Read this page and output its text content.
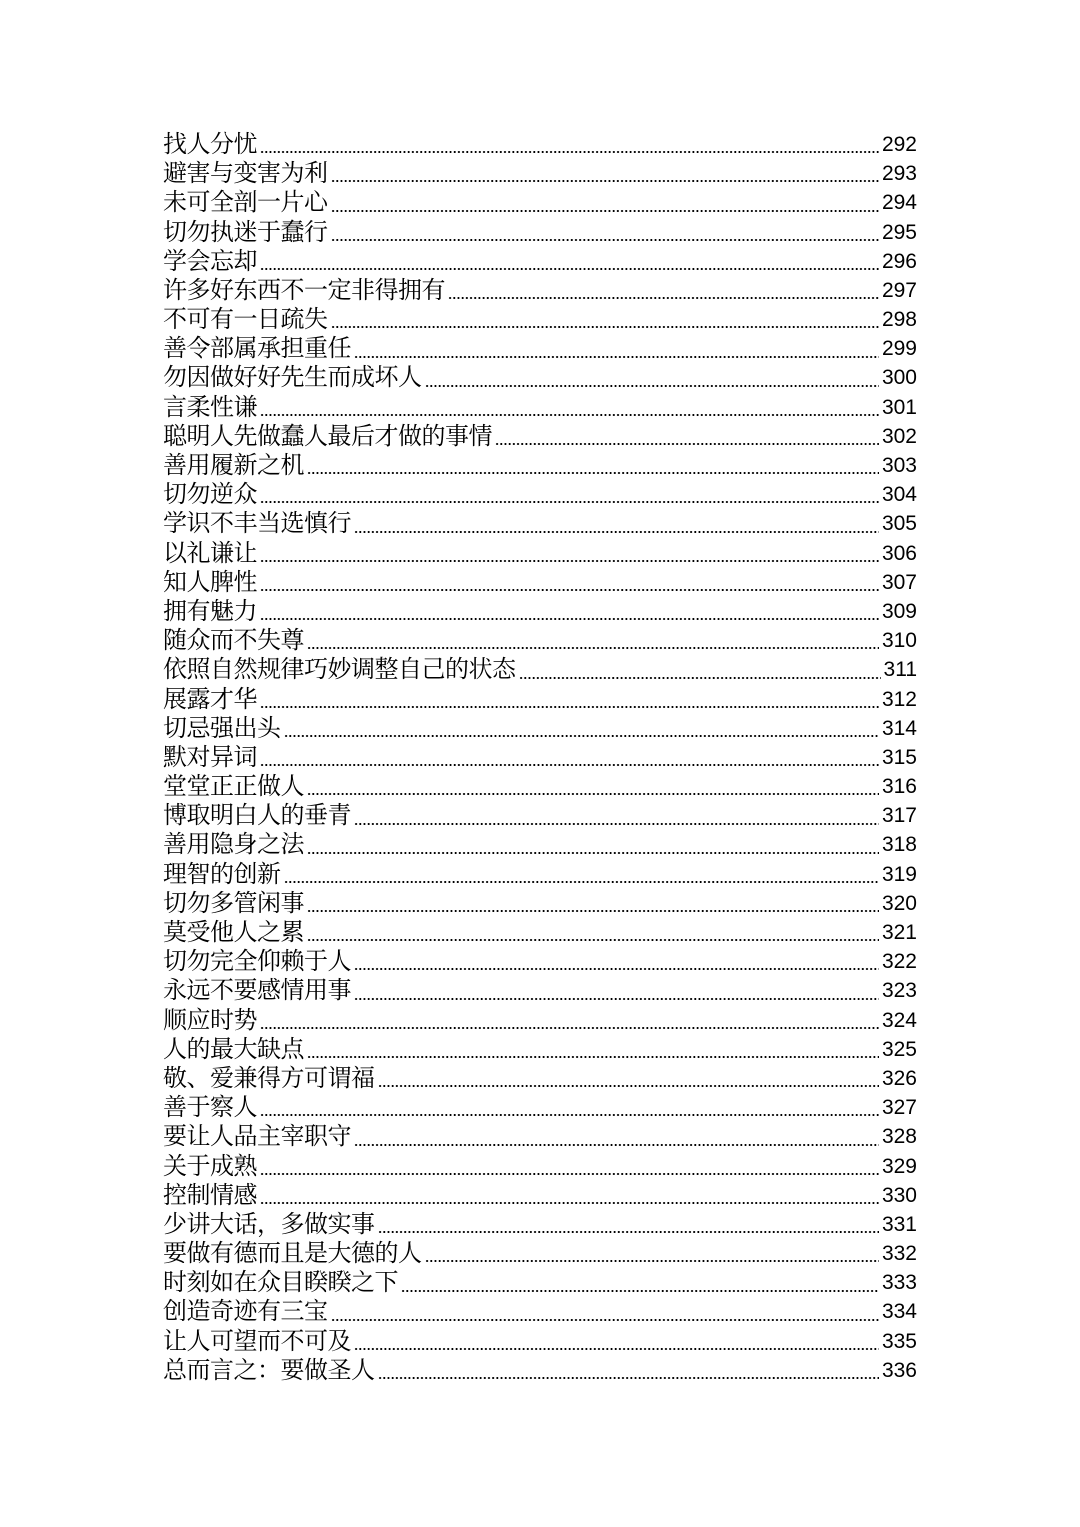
找人分忧	292
避害与变害为利	293
未可全剖一片心	294
切勿执迷于蠢行	295
学会忘却	296
许多好东西不一定非得拥有	297
不可有一日疏失	298
善令部属承担重任	299
勿因做好好先生而成坏人	300
言柔性谦	301
聪明人先做蠢人最后才做的事情	302
善用履新之机	303
切勿逆众	304
学识不丰当选慎行	305
以礼谦让	306
知人脾性	307
拥有魅力	309
随众而不失尊	310
依照自然规律巧妙调整自己的状态	311
展露才华	312
切忌强出头	314
默对异词	315
堂堂正正做人	316
博取明白人的垂青	317
善用隐身之法	318
理智的创新	319
切勿多管闲事	320
莫受他人之累	321
切勿完全仰赖于人	322
永远不要感情用事	323
顺应时势	324
人的最大缺点	325
敬、爱兼得方可谓福	326
善于察人	327
要让人品主宰职守	328
关于成熟	329
控制情感	330
少讲大话，多做实事	331
要做有德而且是大德的人	332
时刻如在众目睽睽之下	333
创造奇迹有三宝	334
让人可望而不可及	335
总而言之：要做圣人	336
